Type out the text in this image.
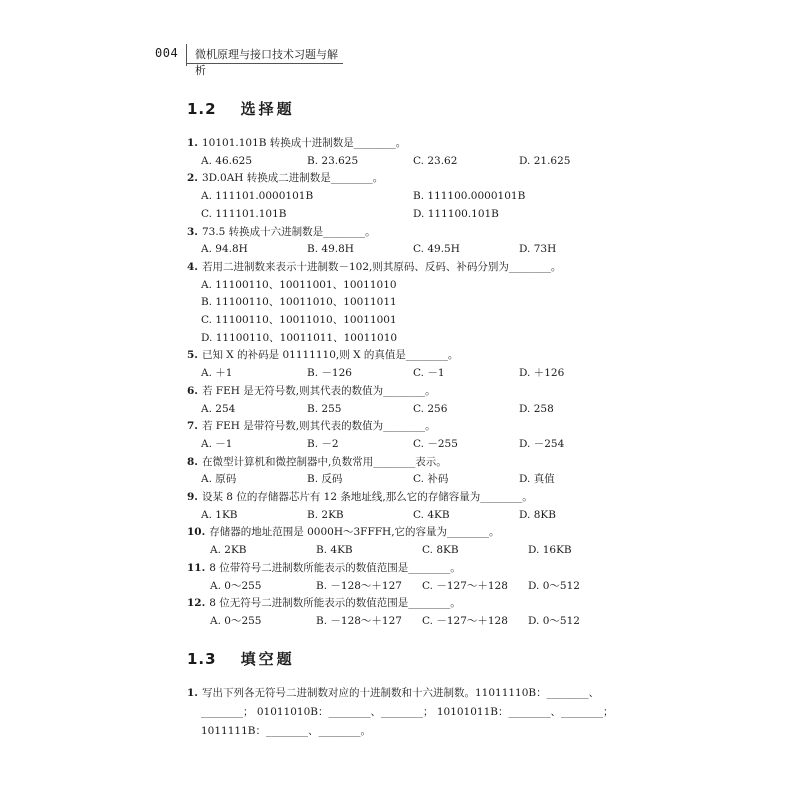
004 微机原理与接口技术习题与解析
1.2 选择题
1. 10101.101B 转换成十进制数是________。
A. 46.625	B. 23.625	C. 23.62	D. 21.625
2. 3D.0AH 转换成二进制数是________。
A. 111101.0000101B	B. 111100.0000101B
C. 111101.101B	D. 111100.101B
3. 73.5 转换成十六进制数是________。
A. 94.8H	B. 49.8H	C. 49.5H	D. 73H
4. 若用二进制数来表示十进制数－102,则其原码、反码、补码分别为________。
A. 11100110、10011001、10011010
B. 11100110、10011010、10011011
C. 11100110、10011010、10011001
D. 11100110、10011011、10011010
5. 已知 X 的补码是 01111110,则 X 的真值是________。
A. ＋1	B. －126	C. －1	D. ＋126
6. 若 FEH 是无符号数,则其代表的数值为________。
A. 254	B. 255	C. 256	D. 258
7. 若 FEH 是带符号数,则其代表的数值为________。
A. －1	B. －2	C. －255	D. －254
8. 在微型计算机和微控制器中,负数常用________表示。
A. 原码	B. 反码	C. 补码	D. 真值
9. 设某 8 位的存储器芯片有 12 条地址线,那么它的存储容量为________。
A. 1KB	B. 2KB	C. 4KB	D. 8KB
10. 存储器的地址范围是 0000H～3FFFH,它的容量为________。
A. 2KB	B. 4KB	C. 8KB	D. 16KB
11. 8 位带符号二进制数所能表示的数值范围是________。
A. 0～255	B. －128～＋127 C. －127～＋128 D. 0～512
12. 8 位无符号二进制数所能表示的数值范围是________。
A. 0～255	B. －128～＋127 C. －127～＋128 D. 0～512
1.3 填空题
1. 写出下列各无符号二进制数对应的十进制数和十六进制数。11011110B：________、
________； 01011010B：________、________； 10101011B：________、________；
1011111B：________、________。
